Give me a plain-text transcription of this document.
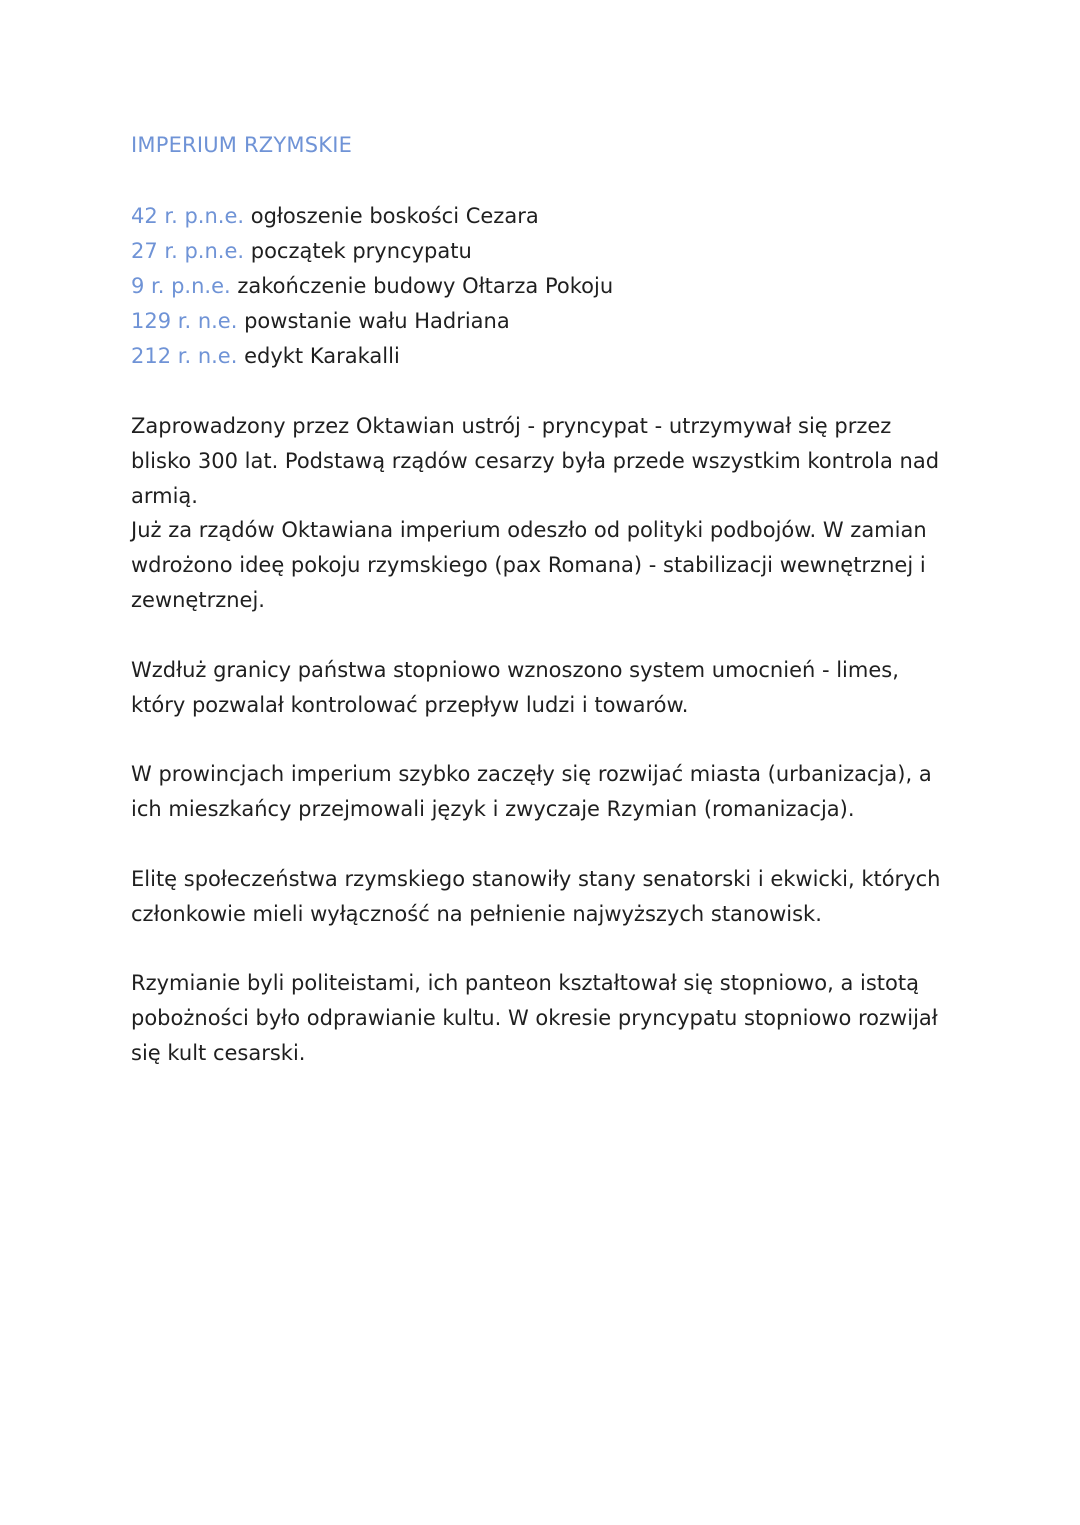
IMPERIUM RZYMSKIE
42 r. p.n.e. ogłoszenie boskości Cezara
27 r. p.n.e. początek pryncypatu
9 r. p.n.e. zakończenie budowy Ołtarza Pokoju
129 r. n.e. powstanie wału Hadriana
212 r. n.e. edykt Karakalli

Zaprowadzony przez Oktawian ustrój - pryncypat - utrzymywał się przez blisko 300 lat. Podstawą rządów cesarzy była przede wszystkim kontrola nad armią.

Już za rządów Oktawiana imperium odeszło od polityki podbojów. W zamian wdrożono ideę pokoju rzymskiego (pax Romana) - stabilizacji wewnętrznej i zewnętrznej.

Wzdłuż granicy państwa stopniowo wznoszono system umocnień - limes, który pozwalał kontrolować przepływ ludzi i towarów.

W prowincjach imperium szybko zaczęły się rozwijać miasta (urbanizacja), a ich mieszkańcy przejmowali język i zwyczaje Rzymian (romanizacja).

Elitę społeczeństwa rzymskiego stanowiły stany senatorski i ekwicki, których członkowie mieli wyłączność na pełnienie najwyższych stanowisk.

Rzymianie byli politeistami, ich panteon kształtował się stopniowo, a istotą pobożności było odprawianie kultu. W okresie pryncypatu stopniowo rozwijał się kult cesarski.
